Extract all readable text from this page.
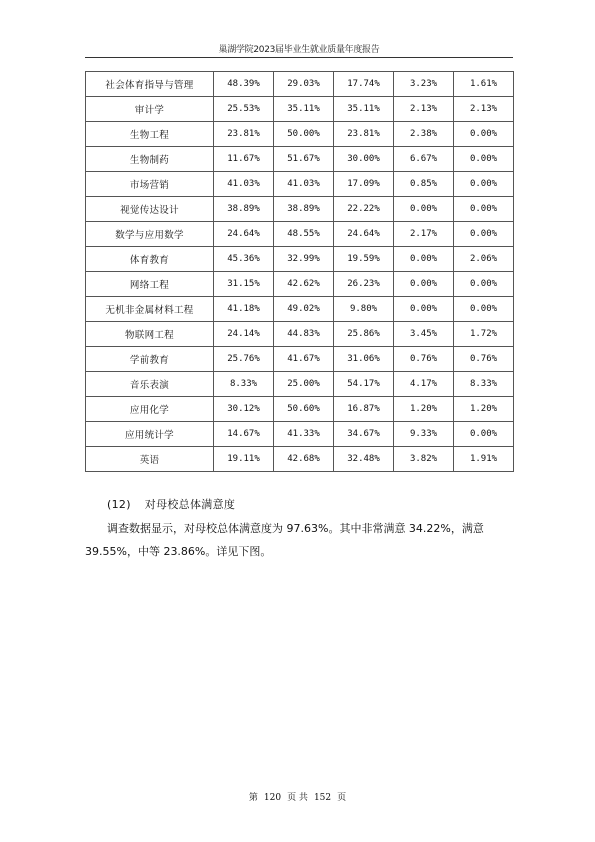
巢湖学院2023届毕业生就业质量年度报告
社会体育指导与管理	48.39%	29.03%	17.74%	3.23%	1.61%
审计学	25.53%	35.11%	35.11%	2.13%	2.13%
生物工程	23.81%	50.00%	23.81%	2.38%	0.00%
生物制药	11.67%	51.67%	30.00%	6.67%	0.00%
市场营销	41.03%	41.03%	17.09%	0.85%	0.00%
视觉传达设计	38.89%	38.89%	22.22%	0.00%	0.00%
数学与应用数学	24.64%	48.55%	24.64%	2.17%	0.00%
体育教育	45.36%	32.99%	19.59%	0.00%	2.06%
网络工程	31.15%	42.62%	26.23%	0.00%	0.00%
无机非金属材料工程	41.18%	49.02%	9.80%	0.00%	0.00%
物联网工程	24.14%	44.83%	25.86%	3.45%	1.72%
学前教育	25.76%	41.67%	31.06%	0.76%	0.76%
音乐表演	8.33%	25.00%	54.17%	4.17%	8.33%
应用化学	30.12%	50.60%	16.87%	1.20%	1.20%
应用统计学	14.67%	41.33%	34.67%	9.33%	0.00%
英语	19.11%	42.68%	32.48%	3.82%	1.91%
(12) 对母校总体满意度
调查数据显示，对母校总体满意度为 97.63%。其中非常满意 34.22%，满意 39.55%，中等 23.86%。详见下图。
第 120 页 共 152 页
